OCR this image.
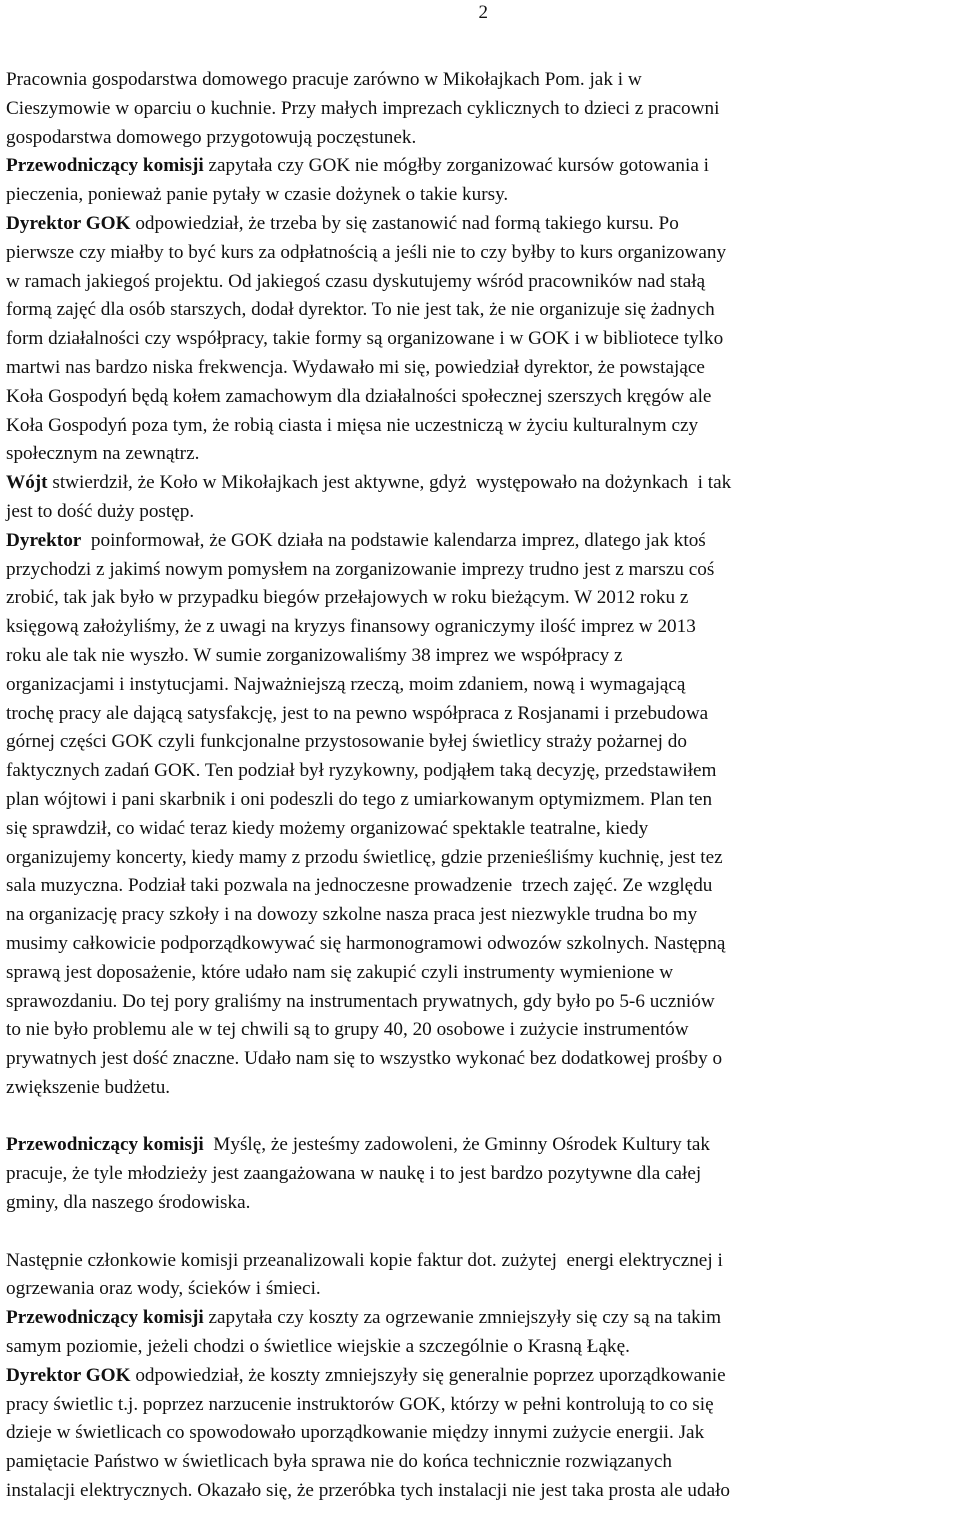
2
Pracownia gospodarstwa domowego pracuje zarówno w Mikołajkach Pom. jak i w
Cieszymowie w oparciu o kuchnie. Przy małych imprezach cyklicznych to dzieci z pracowni
gospodarstwa domowego przygotowują poczęstunek.
Przewodniczący komisji zapytała czy GOK nie mógłby zorganizować kursów gotowania i
pieczenia, ponieważ panie pytały w czasie dożynek o takie kursy.
Dyrektor GOK odpowiedział, że trzeba by się zastanowić nad formą takiego kursu. Po
pierwsze czy miałby to być kurs za odpłatnością a jeśli nie to czy byłby to kurs organizowany
w ramach jakiegoś projektu. Od jakiegoś czasu dyskutujemy wśród pracowników nad stałą
formą zajęć dla osób starszych, dodał dyrektor. To nie jest tak, że nie organizuje się żadnych
form działalności czy współpracy, takie formy są organizowane i w GOK i w bibliotece tylko
martwi nas bardzo niska frekwencja. Wydawało mi się, powiedział dyrektor, że powstające
Koła Gospodyń będą kołem zamachowym dla działalności społecznej szerszych kręgów ale
Koła Gospodyń poza tym, że robią ciasta i mięsa nie uczestniczą w życiu kulturalnym czy
społecznym na zewnątrz.
Wójt stwierdził, że Koło w Mikołajkach jest aktywne, gdyż  występowało na dożynkach  i tak
jest to dość duży postęp.
Dyrektor  poinformował, że GOK działa na podstawie kalendarza imprez, dlatego jak ktoś
przychodzi z jakimś nowym pomysłem na zorganizowanie imprezy trudno jest z marszu coś
zrobić, tak jak było w przypadku biegów przełajowych w roku bieżącym. W 2012 roku z
księgową założyliśmy, że z uwagi na kryzys finansowy ograniczymy ilość imprez w 2013
roku ale tak nie wyszło. W sumie zorganizowaliśmy 38 imprez we współpracy z
organizacjami i instytucjami. Najważniejszą rzeczą, moim zdaniem, nową i wymagającą
trochę pracy ale dającą satysfakcję, jest to na pewno współpraca z Rosjanami i przebudowa
górnej części GOK czyli funkcjonalne przystosowanie byłej świetlicy straży pożarnej do
faktycznych zadań GOK. Ten podział był ryzykowny, podjąłem taką decyzję, przedstawiłem
plan wójtowi i pani skarbnik i oni podeszli do tego z umiarkowanym optymizmem. Plan ten
się sprawdził, co widać teraz kiedy możemy organizować spektakle teatralne, kiedy
organizujemy koncerty, kiedy mamy z przodu świetlicę, gdzie przenieśliśmy kuchnię, jest tez
sala muzyczna. Podział taki pozwala na jednoczesne prowadzenie  trzech zajęć. Ze względu
na organizację pracy szkoły i na dowozy szkolne nasza praca jest niezwykle trudna bo my
musimy całkowicie podporządkowywać się harmonogramowi odwozów szkolnych. Następną
sprawą jest doposażenie, które udało nam się zakupić czyli instrumenty wymienione w
sprawozdaniu. Do tej pory graliśmy na instrumentach prywatnych, gdy było po 5-6 uczniów
to nie było problemu ale w tej chwili są to grupy 40, 20 osobowe i zużycie instrumentów
prywatnych jest dość znaczne. Udało nam się to wszystko wykonać bez dodatkowej prośby o
zwiększenie budżetu.
Przewodniczący komisji  Myślę, że jesteśmy zadowoleni, że Gminny Ośrodek Kultury tak
pracuje, że tyle młodzieży jest zaangażowana w naukę i to jest bardzo pozytywne dla całej
gminy, dla naszego środowiska.
Następnie członkowie komisji przeanalizowali kopie faktur dot. zużytej  energi elektrycznej i
ogrzewania oraz wody, ścieków i śmieci.
Przewodniczący komisji zapytała czy koszty za ogrzewanie zmniejszyły się czy są na takim
samym poziomie, jeżeli chodzi o świetlice wiejskie a szczególnie o Krasną Łąkę.
Dyrektor GOK odpowiedział, że koszty zmniejszyły się generalnie poprzez uporządkowanie
pracy świetlic t.j. poprzez narzucenie instruktorów GOK, którzy w pełni kontrolują to co się
dzieje w świetlicach co spowodowało uporządkowanie między innymi zużycie energii. Jak
pamiętacie Państwo w świetlicach była sprawa nie do końca technicznie rozwiązanych
instalacji elektrycznych. Okazało się, że przeróbka tych instalacji nie jest taka prosta ale udało
